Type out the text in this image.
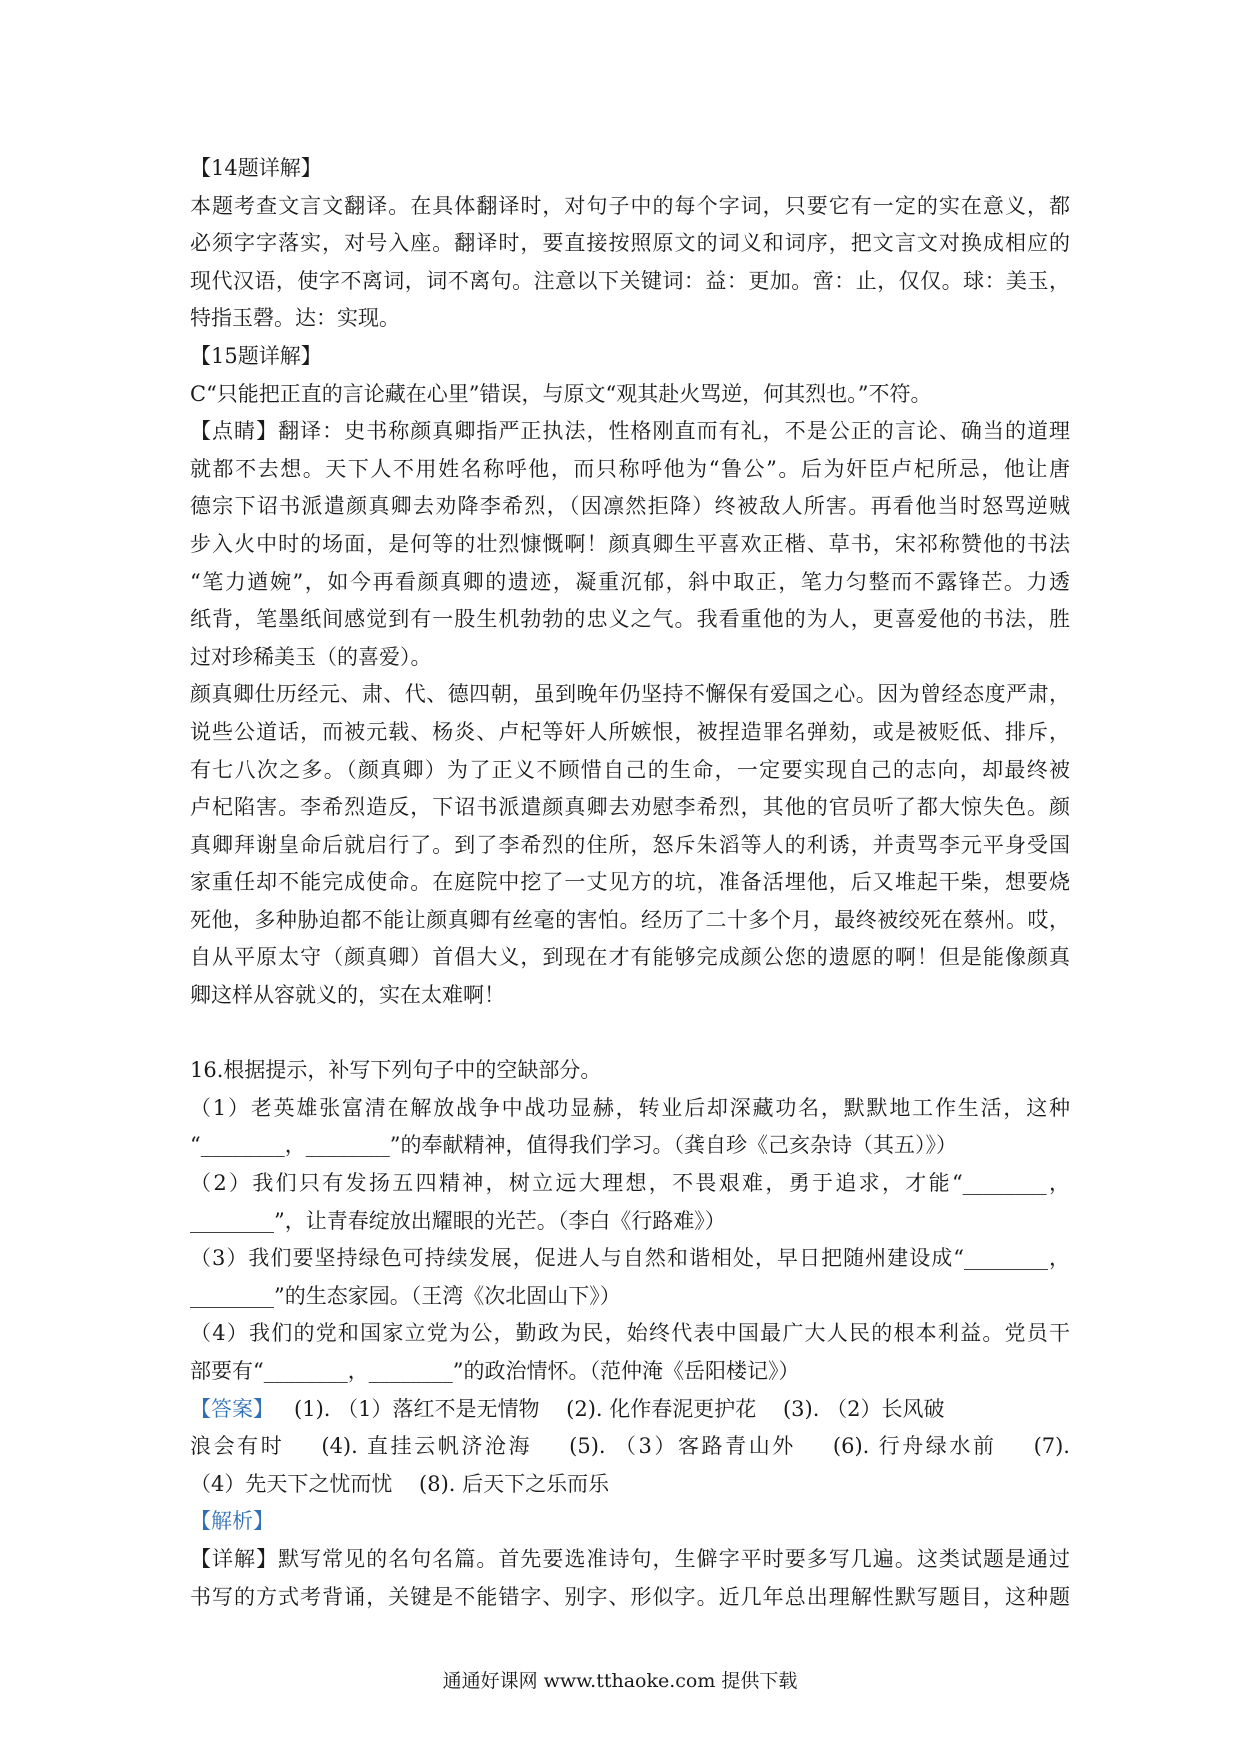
【14题详解】
本题考查文言文翻译。在具体翻译时，对句子中的每个字词，只要它有一定的实在意义，都
必须字字落实，对号入座。翻译时，要直接按照原文的词义和词序，把文言文对换成相应的
现代汉语，使字不离词，词不离句。注意以下关键词：益：更加。啻：止，仅仅。球：美玉，
特指玉磬。达：实现。
【15题详解】
C“只能把正直的言论藏在心里”错误，与原文“观其赴火骂逆，何其烈也。”不符。
【点睛】翻译：史书称颜真卿指严正执法，性格刚直而有礼，不是公正的言论、确当的道理
就都不去想。天下人不用姓名称呼他，而只称呼他为“鲁公”。后为奸臣卢杞所忌，他让唐
德宗下诏书派遣颜真卿去劝降李希烈，（因凛然拒降）终被敌人所害。再看他当时怒骂逆贼
步入火中时的场面，是何等的壮烈慷慨啊！颜真卿生平喜欢正楷、草书，宋祁称赞他的书法
“笔力遒婉”，如今再看颜真卿的遗迹，凝重沉郁，斜中取正，笔力匀整而不露锋芒。力透
纸背，笔墨纸间感觉到有一股生机勃勃的忠义之气。我看重他的为人，更喜爱他的书法，胜
过对珍稀美玉（的喜爱）。
颜真卿仕历经元、肃、代、德四朝，虽到晚年仍坚持不懈保有爱国之心。因为曾经态度严肃，
说些公道话，而被元载、杨炎、卢杞等奸人所嫉恨，被捏造罪名弹劾，或是被贬低、排斥，
有七八次之多。（颜真卿）为了正义不顾惜自己的生命，一定要实现自己的志向，却最终被
卢杞陷害。李希烈造反，下诏书派遣颜真卿去劝慰李希烈，其他的官员听了都大惊失色。颜
真卿拜谢皇命后就启行了。到了李希烈的住所，怒斥朱滔等人的利诱，并责骂李元平身受国
家重任却不能完成使命。在庭院中挖了一丈见方的坑，准备活埋他，后又堆起干柴，想要烧
死他，多种胁迫都不能让颜真卿有丝毫的害怕。经历了二十多个月，最终被绞死在蔡州。哎，
自从平原太守（颜真卿）首倡大义，到现在才有能够完成颜公您的遗愿的啊！但是能像颜真
卿这样从容就义的，实在太难啊！
16.根据提示，补写下列句子中的空缺部分。
（1）老英雄张富清在解放战争中战功显赫，转业后却深藏功名，默默地工作生活，这种
“________，________”的奉献精神，值得我们学习。（龚自珍《己亥杂诗（其五）》）
（2）我们只有发扬五四精神，树立远大理想，不畏艰难，勇于追求，才能“________，
________”，让青春绽放出耀眼的光芒。（李白《行路难》）
（3）我们要坚持绿色可持续发展，促进人与自然和谐相处，早日把随州建设成“________，
________”的生态家园。（王湾《次北固山下》）
（4）我们的党和国家立党为公，勤政为民，始终代表中国最广大人民的根本利益。党员干
部要有“________，________”的政治情怀。（范仲淹《岳阳楼记》）
【答案】   (1). （1）落红不是无情物    (2). 化作春泥更护花    (3). （2）长风破
浪会有时    (4). 直挂云帆济沧海    (5). （3）客路青山外    (6). 行舟绿水前    (7).
（4）先天下之忧而忧    (8). 后天下之乐而乐
【解析】
【详解】默写常见的名句名篇。首先要选准诗句，生僻字平时要多写几遍。这类试题是通过
书写的方式考背诵，关键是不能错字、别字、形似字。近几年总出理解性默写题目，这种题
通通好课网 www.tthaoke.com 提供下载
